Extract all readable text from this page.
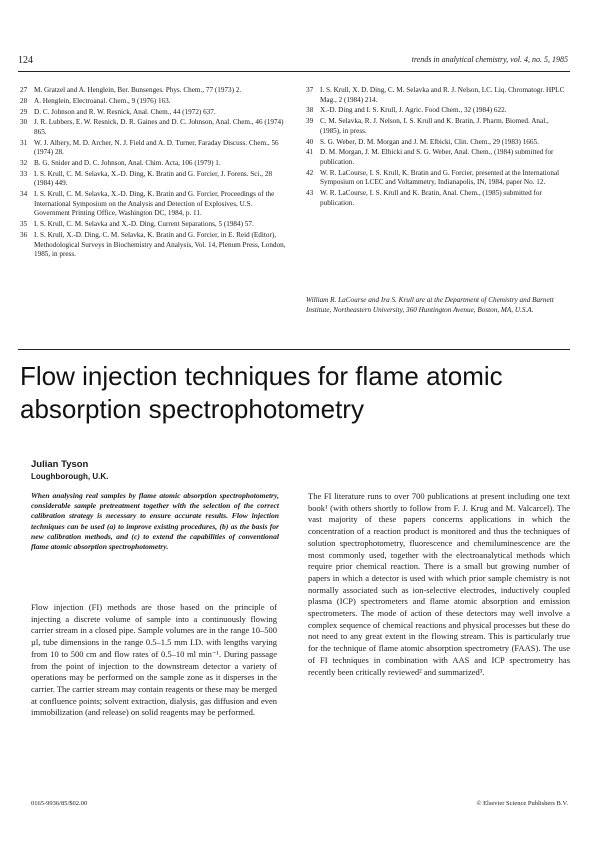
124	trends in analytical chemistry, vol. 4, no. 5, 1985
27 M. Gratzel and A. Henglein, Ber. Bunsenges. Phys. Chem., 77 (1973) 2.
28 A. Henglein, Electroanal. Chem., 9 (1976) 163.
29 D. C. Johnson and R. W. Resnick, Anal. Chem., 44 (1972) 637.
30 J. R. Lubbers, E. W. Resnick, D. R. Gaines and D. C. Johnson, Anal. Chem., 46 (1974) 865.
31 W. J. Albery, M. D. Archer, N. J. Field and A. D. Turner, Faraday Discuss. Chem., 56 (1974) 28.
32 B. G. Snider and D. C. Johnson, Anal. Chim. Acta, 106 (1979) 1.
33 I. S. Krull, C. M. Selavka, X.-D. Ding, K. Bratin and G. Forcier, J. Forens. Sci., 28 (1984) 449.
34 I. S. Krull, C. M. Selavka, X.-D. Ding, K. Bratin and G. Forcier, Proceedings of the International Symposium on the Analysis and Detection of Explosives, U.S. Government Printing Office, Washington DC, 1984, p. 11.
35 I. S. Krull, C. M. Selavka and X.-D. Ding, Current Separations, 5 (1984) 57.
36 I. S. Krull, X.-D. Ding, C. M. Selavka, K. Bratin and G. Forcier, in E. Reid (Editor), Methodological Surveys in Biochemistry and Analysis, Vol. 14, Plenum Press, London, 1985, in press.
37 I. S. Krull, X. D. Ding, C. M. Selavka and R. J. Nelson, LC. Liq. Chromatogr. HPLC Mag., 2 (1984) 214.
38 X.-D. Ding and I. S. Krull, J. Agric. Food Chem., 32 (1984) 622.
39 C. M. Selavka, R. J. Nelson, I. S. Krull and K. Bratin, J. Pharm. Biomed. Anal., (1985), in press.
40 S. G. Weber, D. M. Morgan and J. M. Elbicki, Clin. Chem., 29 (1983) 1665.
41 D. M. Morgan, J. M. Elbicki and S. G. Weber, Anal. Chem., (1984) submitted for publication.
42 W. R. LaCourse, I. S. Krull, K. Bratin and G. Forcier, presented at the International Symposium on LCEC and Voltammetry, Indianapolis, IN, 1984, paper No. 12.
43 W. R. LaCourse, I. S. Krull and K. Bratin, Anal. Chem., (1985) submitted for publication.
William R. LaCourse and Ira S. Krull are at the Department of Chemistry and Barnett Institute, Northeastern University, 360 Huntington Avenue, Boston, MA, U.S.A.
Flow injection techniques for flame atomic absorption spectrophotometry
Julian Tyson
Loughborough, U.K.
When analysing real samples by flame atomic absorption spectrophotometry, considerable sample pretreatment together with the selection of the correct calibration strategy is necessary to ensure accurate results. Flow injection techniques can be used (a) to improve existing procedures, (b) as the basis for new calibration methods, and (c) to extend the capabilities of conventional flame atomic absorption spectrophotometry.

Flow injection (FI) methods are those based on the principle of injecting a discrete volume of sample into a continuously flowing carrier stream in a closed pipe. Sample volumes are in the range 10–500 µl, tube dimensions in the range 0.5–1.5 mm I.D. with lengths varying from 10 to 500 cm and flow rates of 0.5–10 ml min⁻¹. During passage from the point of injection to the downstream detector a variety of operations may be performed on the sample zone as it disperses in the carrier. The carrier stream may contain reagents or these may be merged at confluence points; solvent extraction, dialysis, gas diffusion and even immobilization (and release) on solid reagents may be performed.

The FI literature runs to over 700 publications at present including one text book¹ (with others shortly to follow from F. J. Krug and M. Valcarcel). The vast majority of these papers concerns applications in which the concentration of a reaction product is monitored and thus the techniques of solution spectrophotometry, fluorescence and chemiluminescence are the most commonly used, together with the electroanalytical methods which require prior chemical reaction. There is a small but growing number of papers in which a detector is used with which prior sample chemistry is not normally associated such as ion-selective electrodes, inductively coupled plasma (ICP) spectrometers and flame atomic absorption and emission spectrometers. The mode of action of these detectors may well involve a complex sequence of chemical reactions and physical processes but these do not need to any great extent in the flowing stream. This is particularly true for the technique of flame atomic absorption spectrometry (FAAS). The use of FI techniques in combination with AAS and ICP spectrometry has recently been critically reviewed² and summarized³.

0165-9936/85/$02.00	© Elsevier Science Publishers B.V.
